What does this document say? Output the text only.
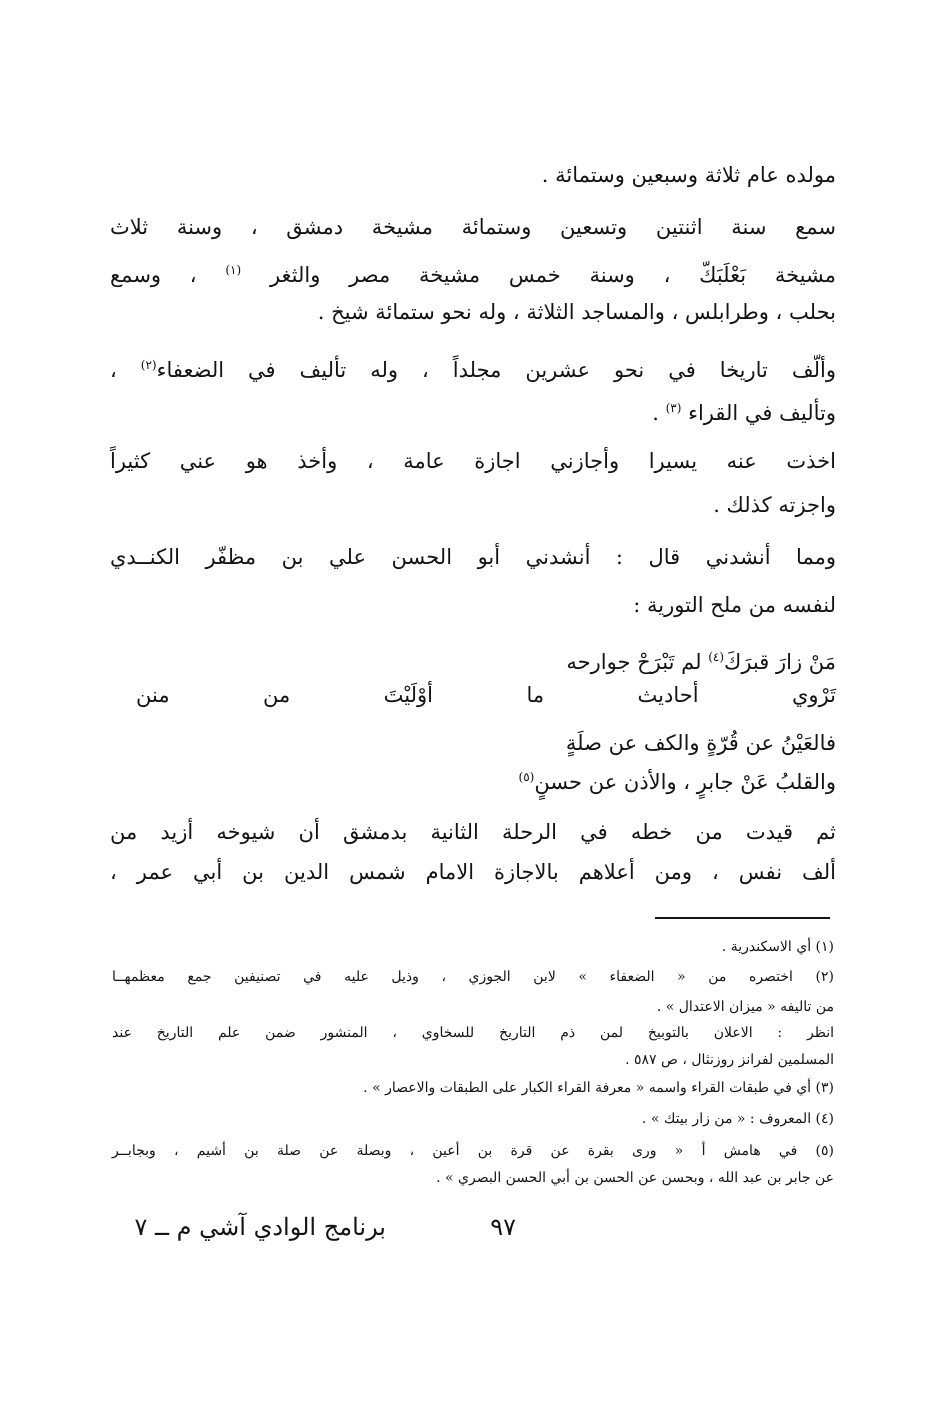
مولده عام ثلاثة وسبعين وستمائة .
سمع سنة اثنتين وتسعين وستمائة مشيخة دمشق ، وسنة ثلاث
مشيخة بَعْلَبَكّ ، وسنة خمس مشيخة مصر والثغر $^{(١)}$ ، وسمع
بحلب ، وطرابلس ، والمساجد الثلاثة ، وله نحو ستمائة شيخ .
وألّف تاريخا في نحو عشرين مجلداً ، وله تأليف في الضعفاء$^{(٢)}$ ،
وتأليف في القراء $^{(٣)}$ .
اخذت عنه يسيرا وأجازني اجازة عامة ، وأخذ هو عني كثيراً
واجزته كذلك .
ومما أنشدني قال : أنشدني أبو الحسن علي بن مظفّر الكنــدي
لنفسه من ملح التورية :
مَنْ زارَ قبرَكَ$^{(٤)}$ لم تَبْرَحْ جوارحه
تَرْوي أحاديث ما أوْلَيْتَ من منن
فالعَيْنُ عن قُرّةٍ والكف عن صلَةٍ
والقلبُ عَنْ جابرٍ ، والأذن عن حسنٍ$^{(٥)}$
ثم قيدت من خطه في الرحلة الثانية بدمشق أن شيوخه أزيد من
ألف نفس ، ومن أعلاهم بالاجازة الامام شمس الدين بن أبي عمر ،
(١) أي الاسكندرية .
(٢) اختصره من « الضعفاء » لابن الجوزي ، وذيل عليه في تصنيفين جمع معظمهــا
من تاليفه « ميزان الاعتدال » .
انظر : الاعلان بالتوبيخ لمن ذم التاريخ للسخاوي ، المنشور ضمن علم التاريخ عند
المسلمين لفرانز روزنثال ، ص ٥٨٧ .
(٣) أي في طبقات القراء واسمه « معرفة القراء الكبار على الطبقات والاعصار » .
(٤) المعروف : « من زار بيتك » .
(٥) في هامش أ « ورى بقرة عن قرة بن أعين ، وبصلة عن صلة بن أشيم ، وبجابــر
عن جابر بن عبد الله ، وبحسن عن الحسن بن أبي الحسن البصري » .
٩٧
برنامج الوادي آشي م ــ ٧
